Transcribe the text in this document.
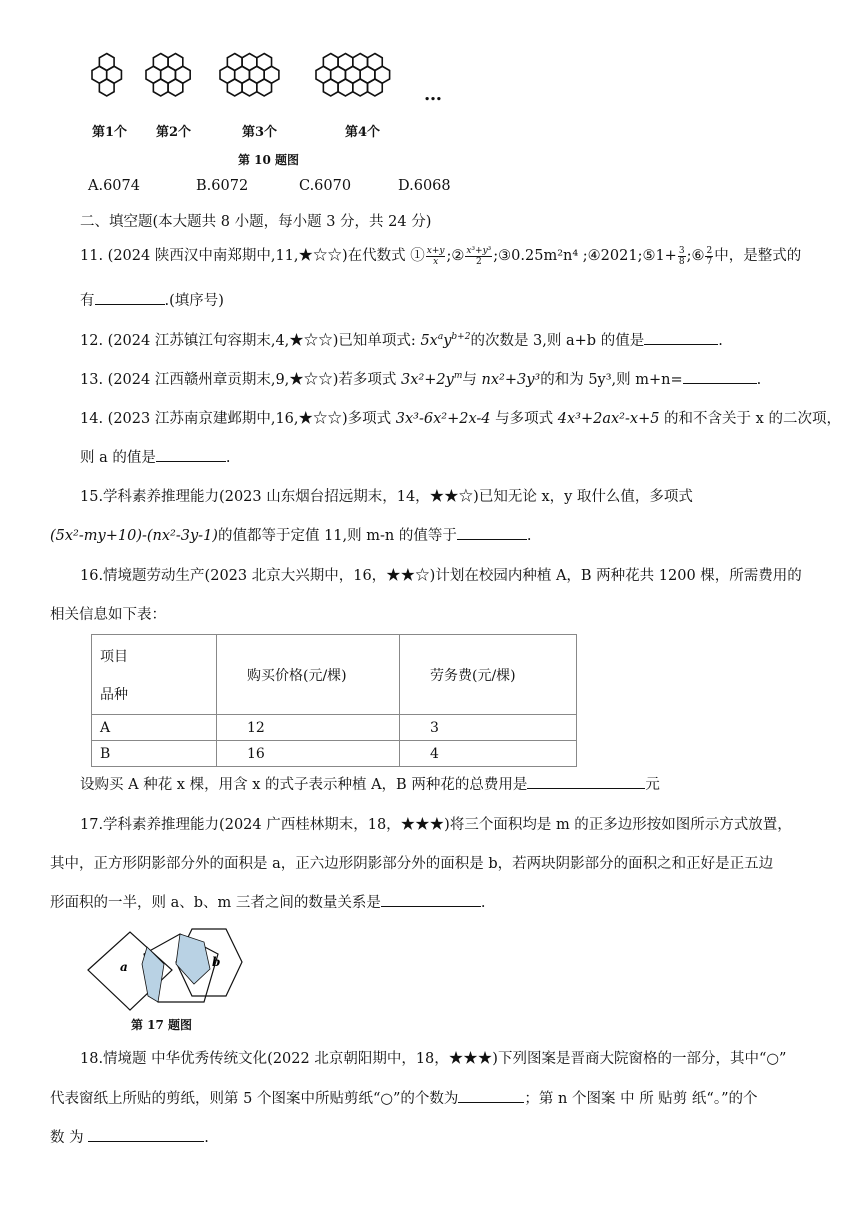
第1个 第2个	第3个	第4个
…
第 10 题图
A.6074	B.6072	C.6070	D.6068
二、填空题(本大题共 8 小题，每小题 3 分，共 24 分)
11. (2024 陕西汉中南郑期中,11,★☆☆)在代数式 ① $\frac{x+y}{x}$ ;② $\frac{\text{x³+y³}}{2}$ ;③0.25m²n⁴ ;④2021;⑤1+ $\frac{3}{8}$ ;⑥ $\frac{2}{7}$ 中，是整式的
有	.(填序号)
12. (2024 江苏镇江句容期末,4,★☆☆)已知单项式: $5x^ay^{b+2}$的次数是 3,则 a+b 的值是	.
13. (2024 江西赣州章贡期末,9,★☆☆)若多项式 $3x^2+2y^m$与 nx²+3y³的和为 5y³,则 m+n=	.
14. (2023 江苏南京建邺期中,16,★☆☆)多项式 3x³-6x²+2x-4 与多项式 4x³+2ax²-x+5 的和不含关于 x 的二次项，
则 a 的值是	.
15.学科素养推理能力(2023 山东烟台招远期末，14，★★☆)已知无论 x，y 取什么值，多项式
(5x²-my+10)-(nx²-3y-1)的值都等于定值 11,则 m-n 的值等于	.
16.情境题劳动生产(2023 北京大兴期中，16，★★☆)计划在校园内种植 A，B 两种花共 1200 棵，所需费用的
相关信息如下表：
项目
品种	购买价格(元/棵)	劳务费(元/棵)
A	12	3
B	16	4
设购买 A 种花 x 棵，用含 x 的式子表示种植 A，B 两种花的总费用是	元
17.学科素养推理能力(2024 广西桂林期末，18，★★★)将三个面积均是 m 的正多边形按如图所示方式放置，
其中，正方形阴影部分外的面积是 a，正六边形阴影部分外的面积是 b，若两块阴影部分的面积之和正好是正五边
形面积的一半，则 a、b、m 三者之间的数量关系是	.
a	b
第 17 题图
18.情境题 中华优秀传统文化(2022 北京朝阳期中，18，★★★)下列图案是晋商大院窗格的一部分，其中“○”
代表窗纸上所贴的剪纸，则第 5 个图案中所贴剪纸“○”的个数为	；第 n 个图案 中 所 贴剪 纸“。”的个
数 为	.
